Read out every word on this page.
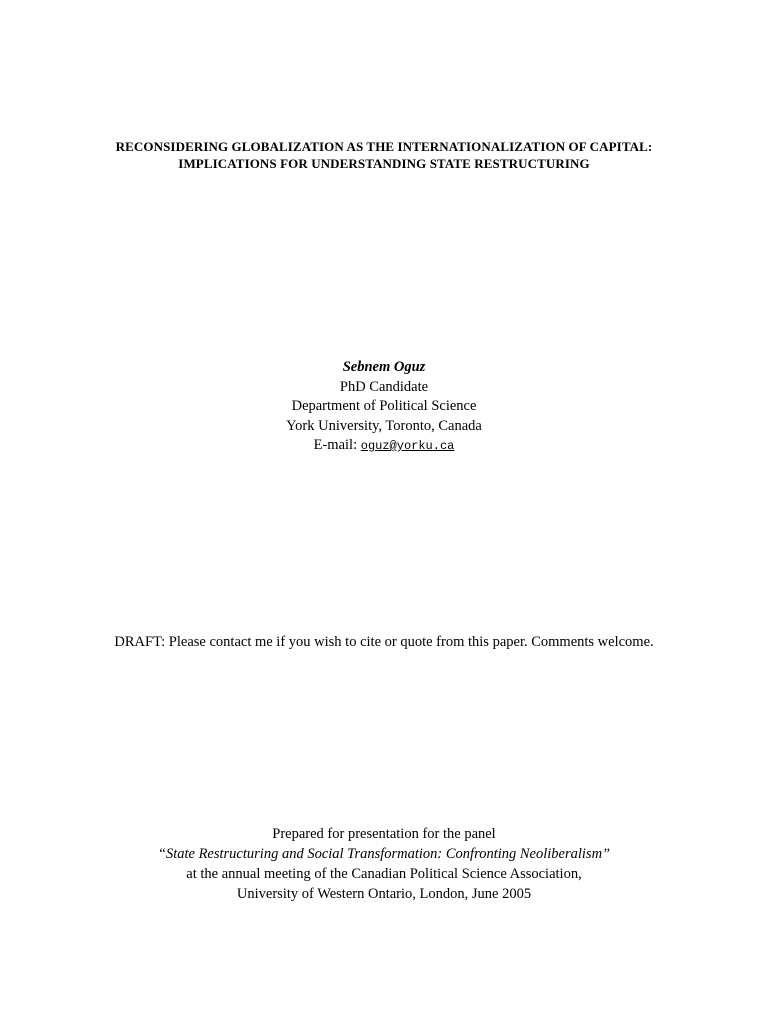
RECONSIDERING GLOBALIZATION AS THE INTERNATIONALIZATION OF CAPITAL:
IMPLICATIONS FOR UNDERSTANDING STATE RESTRUCTURING
Sebnem Oguz
PhD Candidate
Department of Political Science
York University, Toronto, Canada
E-mail: oguz@yorku.ca
DRAFT: Please contact me if you wish to cite or quote from this paper. Comments welcome.
Prepared for presentation for the panel
“State Restructuring and Social Transformation: Confronting Neoliberalism”
at the annual meeting of the Canadian Political Science Association,
University of Western Ontario, London, June 2005
